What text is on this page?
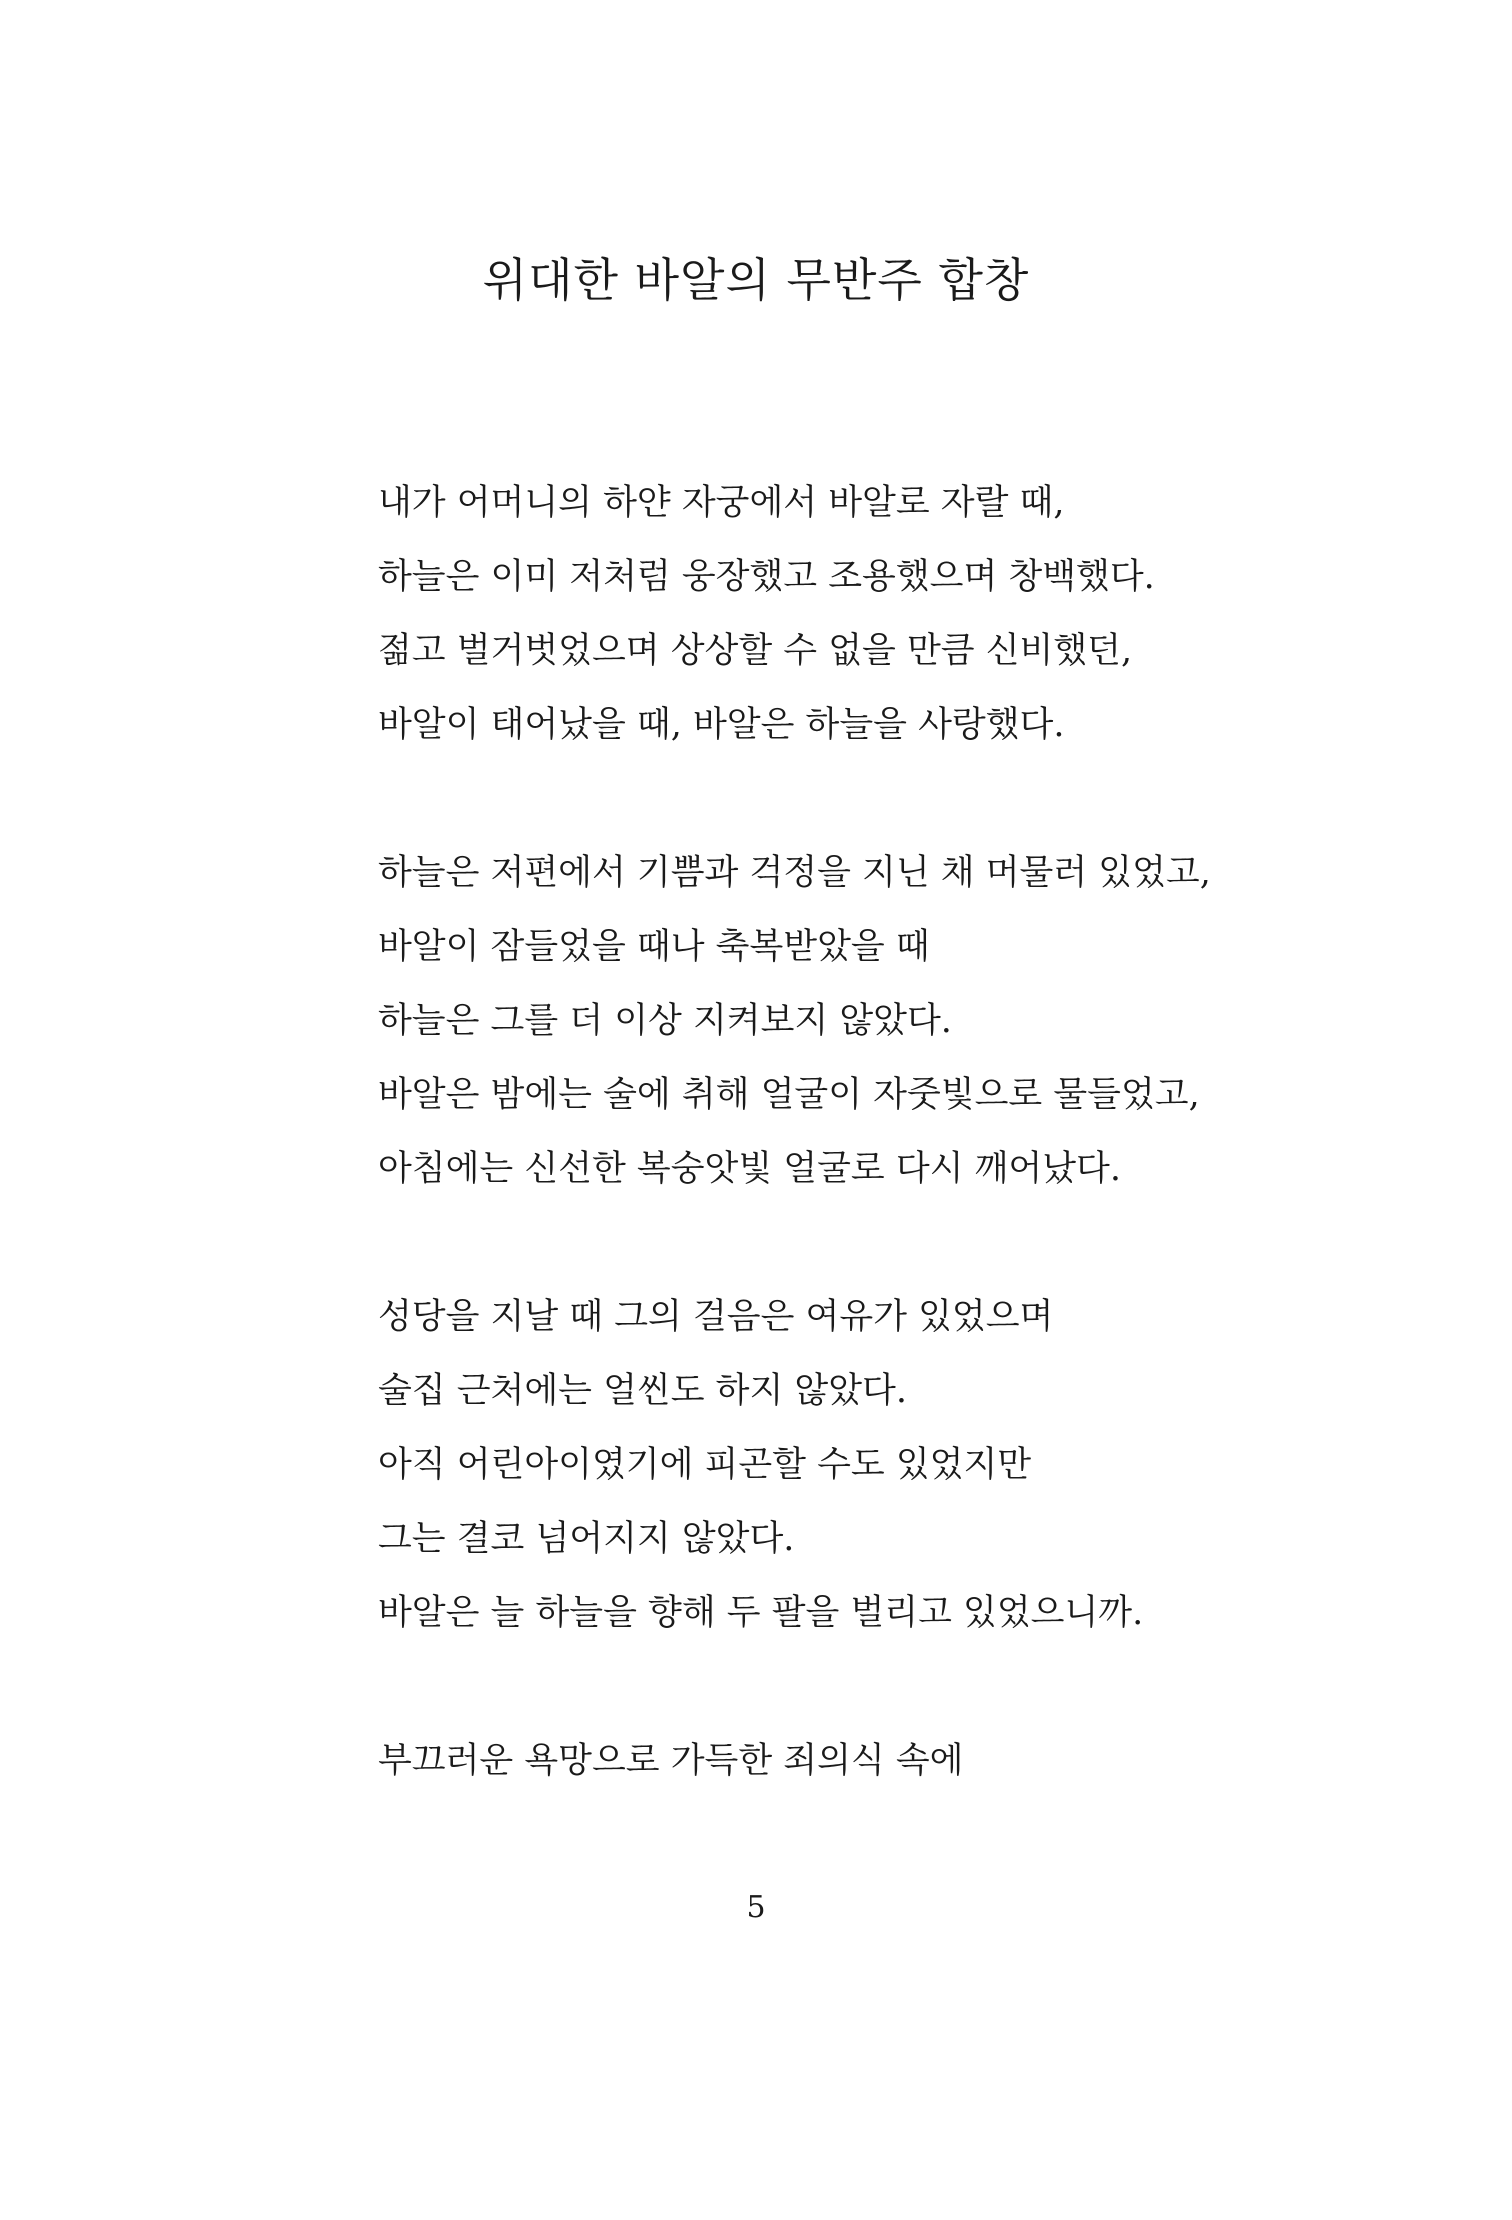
위대한 바알의 무반주 합창
내가 어머니의 하얀 자궁에서 바알로 자랄 때,
하늘은 이미 저처럼 웅장했고 조용했으며 창백했다.
젊고 벌거벗었으며 상상할 수 없을 만큼 신비했던,
바알이 태어났을 때, 바알은 하늘을 사랑했다.
하늘은 저편에서 기쁨과 걱정을 지닌 채 머물러 있었고,
바알이 잠들었을 때나 축복받았을 때
하늘은 그를 더 이상 지켜보지 않았다.
바알은 밤에는 술에 취해 얼굴이 자줏빛으로 물들었고,
아침에는 신선한 복숭앗빛 얼굴로 다시 깨어났다.
성당을 지날 때 그의 걸음은 여유가 있었으며
술집 근처에는 얼씬도 하지 않았다.
아직 어린아이였기에 피곤할 수도 있었지만
그는 결코 넘어지지 않았다.
바알은 늘 하늘을 향해 두 팔을 벌리고 있었으니까.
부끄러운 욕망으로 가득한 죄의식 속에
5
